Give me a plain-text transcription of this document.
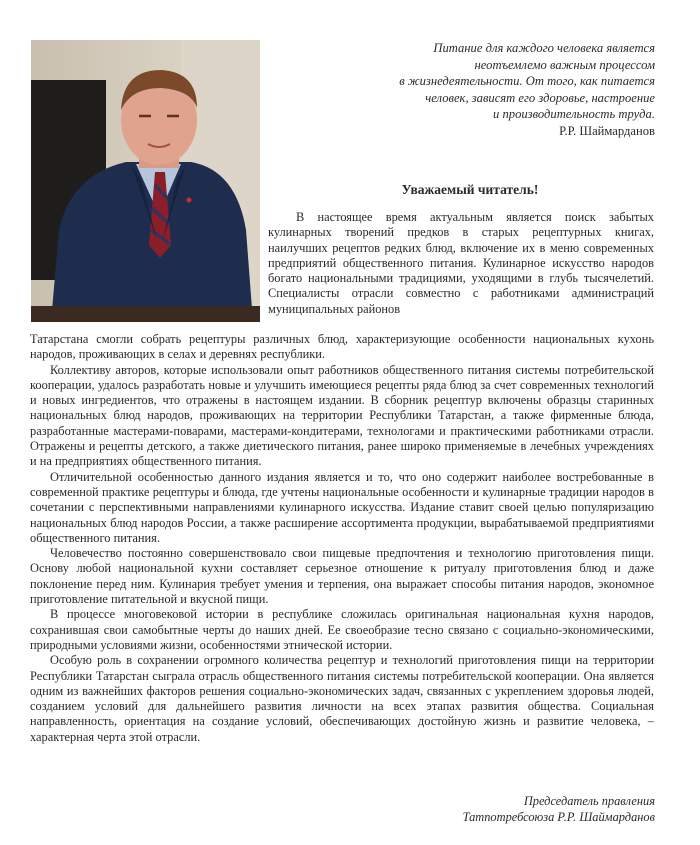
Питание для каждого человека является
неотъемлемо важным процессом
в жизнедеятельности. От того, как питается
человек, зависят его здоровье, настроение
и производительность труда.
Р.Р. Шаймарданов
Уважаемый читатель!

В настоящее время актуальным является поиск забытых кулинарных творений предков в старых рецептурных книгах, наилучших рецептов редких блюд, включение их в меню современных предприятий общественного питания. Кулинарное искусство народов богато национальными традициями, уходящими в глубь тысячелетий. Специалисты отрасли совместно с работниками администраций муниципальных районов

Татарстана смогли собрать рецептуры различных блюд, характеризующие особенности национальных кухонь народов, проживающих в селах и деревнях республики.

Коллективу авторов, которые использовали опыт работников общественного питания системы потребительской кооперации, удалось разработать новые и улучшить имеющиеся рецепты ряда блюд за счет современных технологий и новых ингредиентов, что отражены в настоящем издании. В сборник рецептур включены образцы старинных национальных блюд народов, проживающих на территории Республики Татарстан, а также фирменные блюда, разработанные мастерами-поварами, мастерами-кондитерами, технологами и практическими работниками отрасли. Отражены и рецепты детского, а также диетического питания, ранее широко применяемые в лечебных учреждениях и на предприятиях общественного питания.

Отличительной особенностью данного издания является и то, что оно содержит наиболее востребованные в современной практике рецептуры и блюда, где учтены национальные особенности и кулинарные традиции народов в сочетании с перспективными направлениями кулинарного искусства. Издание ставит своей целью популяризацию национальных блюд народов России, а также расширение ассортимента продукции, вырабатываемой предприятиями общественного питания.

Человечество постоянно совершенствовало свои пищевые предпочтения и технологию приготовления пищи. Основу любой национальной кухни составляет серьезное отношение к ритуалу приготовления блюд и даже поклонение перед ним. Кулинария требует умения и терпения, она выражает способы питания народов, экономное приготовление питательной и вкусной пищи.

В процессе многовековой истории в республике сложилась оригинальная национальная кухня народов, сохранившая свои самобытные черты до наших дней. Ее своеобразие тесно связано с социально-экономическими, природными условиями жизни, особенностями этнической истории.

Особую роль в сохранении огромного количества рецептур и технологий приготовления пищи на территории Республики Татарстан сыграла отрасль общественного питания системы потребительской кооперации. Она является одним из важнейших факторов решения социально-экономических задач, связанных с укреплением здоровья людей, созданием условий для дальнейшего развития личности на всех этапах развития общества. Социальная направленность, ориентация на создание условий, обеспечивающих достойную жизнь и развитие человека, – характерная черта этой отрасли.

Председатель правления
Татпотребсоюза Р.Р. Шаймарданов
